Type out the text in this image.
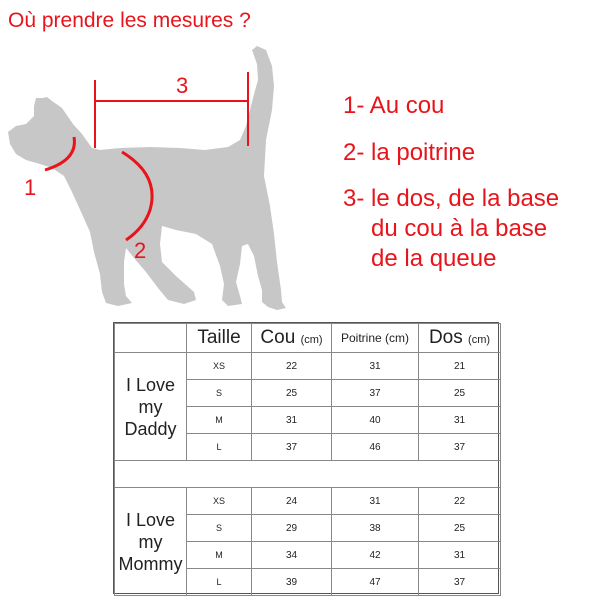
Où prendre les mesures ?
1
2
3
1- Au cou
2- la poitrine
3- le dos, de la base
du cou à la base
de la queue
	Taille	Cou (cm)	Poitrine (cm)	Dos (cm)
I Love
my
Daddy	XS	22	31	21
	S	25	37	25
	M	31	40	31
	L	37	46	37

I Love
my
Mommy	XS	24	31	22
	S	29	38	25
	M	34	42	31
	L	39	47	37
